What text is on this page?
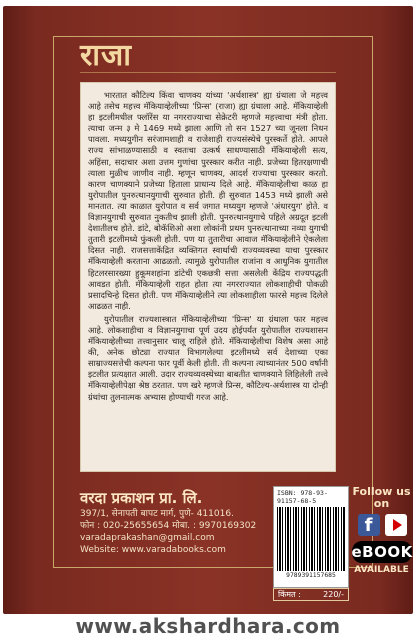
राजा

भारतात कौटिल्य किंवा चाणक्य यांच्या 'अर्थशास्त्र' ह्या ग्रंथाला जे महत्त्व आहे तसेच महत्त्व मॅकियाव्हेलीच्या 'प्रिन्स' (राजा) ह्या ग्रंथाला आहे. मॅकियाव्हेली हा इटलीमधील फ्लॉरेंस या नगरराज्याचा सेक्रेटरी म्हणजे महत्त्वाचा मंत्री होता. त्याचा जन्म ३ मे 1469 मध्ये झाला आणि तो सन 1527 च्या जूनला निधन पावला. मध्ययुगीन सरंजामशाही व राजेशाही राज्यसंस्थेचे पुरस्कर्ते होते. आपले राज्य सांभाळण्यासाठी व स्वतःचा उत्कर्ष साधण्यासाठी मॅकियाव्हेली सत्य, अहिंसा, सदाचार अशा उत्तम गुणांचा पुरस्कार करीत नाही. प्रजेच्या हितरक्षणाची त्याला मुळीच जाणीव नाही. म्हणून चाणक्य, आदर्श राज्याचा पुरस्कार करतो. कारण चाणक्याने प्रजेच्या हिताला प्राधान्य दिले आहे. मॅकियाव्हेलीचा काळ हा युरोपातील पुनरुत्थानयुगाची सुरुवात होती. ही सुरुवात 1453 मध्ये झाली असे मानतात. त्या काळात युरोपात व सर्व जगात मध्ययुग म्हणजे 'अंधारयुग' होते. व विज्ञानयुगाची सुरुवात नुकतीच झाली होती. पुनरुत्थानयुगाचे पहिले अग्रदूत इटली देशातीलच होते. डांटे, बोकॅशिओ अशा लोकांनी प्रथम पुनरुत्थानाच्या नव्या युगाची तुतारी इटलीमध्ये फुंकली होती. पण या तुतारीचा आवाज मॅकियाव्हेलीने ऐकलेला दिसत नाही. राजसत्ताकेंद्रित व्यक्तिगत स्वार्थाची राज्यव्यवस्था याचा पुरस्कार मॅकियाव्हेली करताना आढळतो. त्यामुळे युरोपातील राजांना व आधुनिक युगातील हिटलरसारख्या हुकूमशहांना डांटेची एकछत्री सत्ता असलेली केंद्रिय राज्यपद्धती आवडत होती. मॅकियाव्हेली राहत होता त्या नगरराज्यात लोकशाहीची पोकळी प्रसादचिन्हे दिसत होती. पण मॅकियाव्हेलीने त्या लोकशाहीला फारसे महत्त्व दिलेले आढळत नाही.

युरोपातील राज्यशास्त्रात मॅकियाव्हेलीच्या 'प्रिन्स' या ग्रंथाला फार महत्त्व आहे. लोकशाहीचा व विज्ञानयुगाचा पूर्ण उदय होईपर्यंत युरोपातील राज्यशासन मॅकियाव्हेलीच्या तत्त्वानुसार चालू राहिले होते. मॅकियाव्हेलीचा विशेष असा आहे की, अनेक छोट्या राज्यात विभागलेल्या इटलीमध्ये सर्व देशाच्या एका साम्राज्यसत्तेची कल्पना फार पूर्वी केली होती. ती कल्पना त्याच्यानंतर 500 वर्षांनी इटलीत प्रत्यक्षात आली. उदार राज्यव्यवस्थेच्या बाबतीत चाणक्याने लिहिलेली तत्त्वे मॅकियाव्हेलीपेक्षा श्रेष्ठ ठरतात. पण खरे म्हणजे प्रिन्स, कौटिल्य-अर्थशास्त्र या दोन्ही ग्रंथांचा तुलनात्मक अभ्यास होण्याची गरज आहे.

वरदा प्रकाशन प्रा. लि.
397/1, सेनापती बापट मार्ग, पुणे- 411016.
फोन : 020-25655654 मोबा. : 9970169302
varadaprakashan@gmail.com
Website: www.varadabooks.com
ISBN: 978-93-91157-68-5
9789391157685
किंमत :	220/-
Follow us on
f
eBOOK
AVAILABLE
www.akshardhara.com
